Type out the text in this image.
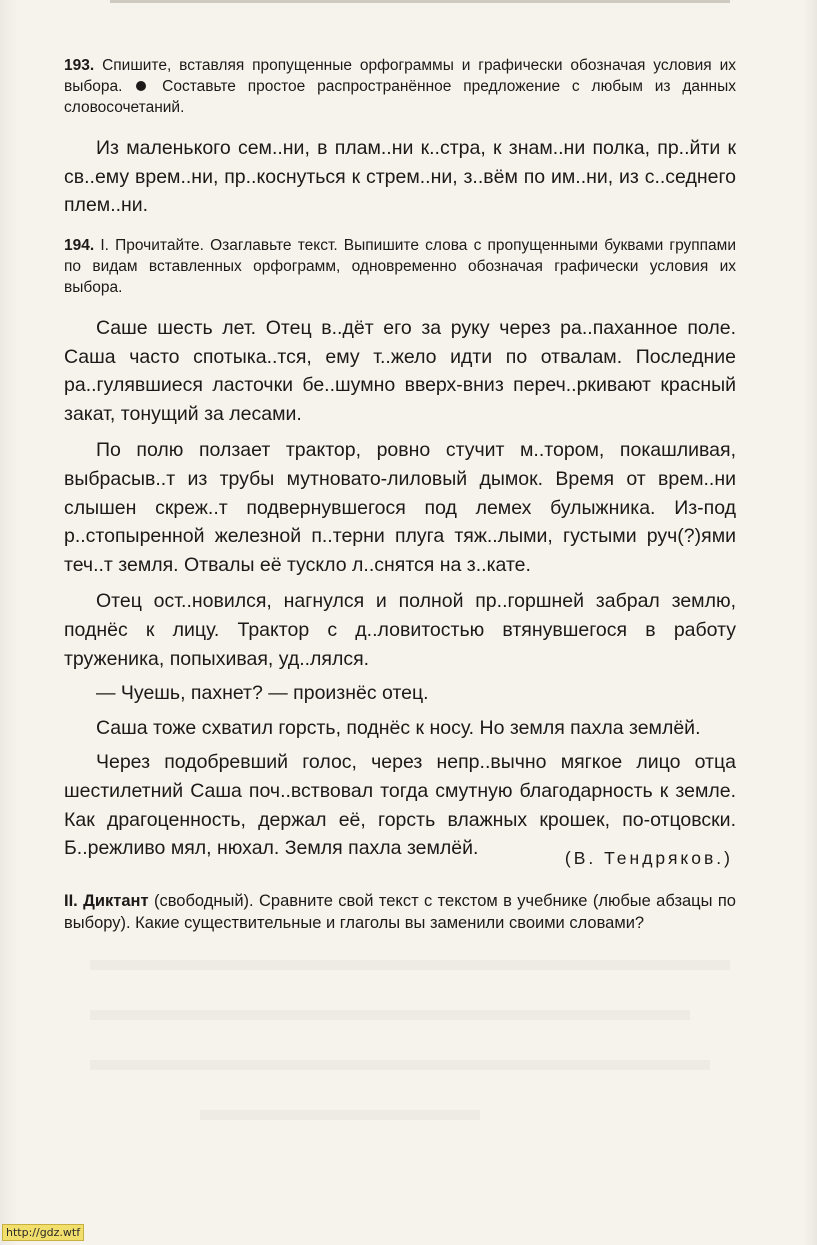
193. Спишите, вставляя пропущенные орфограммы и графически обозначая условия их выбора.	Составьте простое распространённое предложение с любым из данных словосочетаний.

Из маленького сем..ни, в плам..ни к..стра, к знам..ни полка, пр..йти к св..ему врем..ни, пр..коснуться к стрем..ни, з..вём по им..ни, из с..седнего плем..ни.

194. I. Прочитайте. Озаглавьте текст. Выпишите слова с пропущенными буквами группами по видам вставленных орфограмм, одновременно обозначая графически условия их выбора.

Саше шесть лет. Отец в..дёт его за руку через ра..паханное поле. Саша часто спотыка..тся, ему т..жело идти по отвалам. Последние ра..гулявшиеся ласточки бе..шумно вверх-вниз переч..ркивают красный закат, тонущий за лесами.

По полю ползает трактор, ровно стучит м..тором, покашливая, выбрасыв..т из трубы мутновато-лиловый дымок. Время от врем..ни слышен скреж..т подвернувшегося под лемех булыжника. Из-под р..стопыренной железной п..терни плуга тяж..лыми, густыми руч(?)ями теч..т земля. Отвалы её тускло л..снятся на з..кате.

Отец ост..новился, нагнулся и полной пр..горшней забрал землю, поднёс к лицу. Трактор с д..ловитостью втянувшегося в работу труженика, попыхивая, уд..лялся.

— Чуешь, пахнет? — произнёс отец.

Саша тоже схватил горсть, поднёс к носу. Но земля пахла землёй.

Через подобревший голос, через непр..вычно мягкое лицо отца шестилетний Саша поч..вствовал тогда смутную благодарность к земле. Как драгоценность, держал её, горсть влажных крошек, по-отцовски. Б..режливо мял, нюхал. Земля пахла землёй.	(В. Тендряков.)
II. Диктант (свободный). Сравните свой текст с текстом в учебнике (любые абзацы по выбору). Какие существительные и глаголы вы заменили своими словами?
http://gdz.wtf
